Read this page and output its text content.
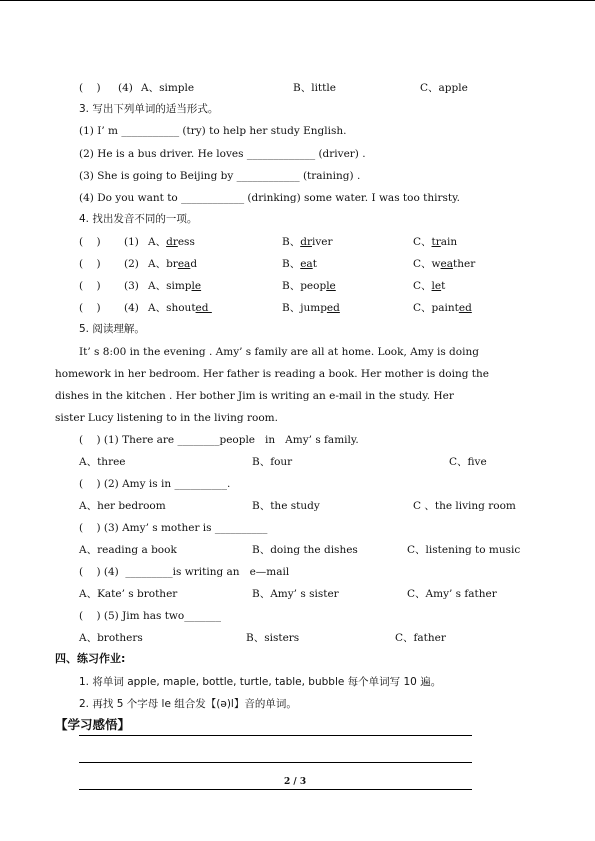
(    ) (4) A、simple	B、little	C、apple
3. 写出下列单词的适当形式。
(1) I’ m ___________ (try) to help her study English.
(2) He is a bus driver. He loves _____________ (driver) .
(3) She is going to Beijing by ____________ (training) .
(4) Do you want to ____________ (drinking) some water. I was too thirsty.
4. 找出发音不同的一项。
(    ) (1) A、dress	B、driver	C、train
(    ) (2) A、bread	B、eat	C、weather
(    ) (3) A、simple	B、people	C、let
(    ) (4) A、shouted	B、jumped	C、painted
5. 阅读理解。
It’ s 8:00 in the evening . Amy’ s family are all at home. Look, Amy is doing
homework in her bedroom. Her father is reading a book. Her mother is doing the
dishes in the kitchen . Her bother Jim is writing an e-mail in the study. Her
sister Lucy listening to in the living room.
(    ) (1) There are ________people   in   Amy’ s family.
A、three	B、four	C、five
(    ) (2) Amy is in __________.
A、her bedroom	B、the study	C 、the living room
(    ) (3) Amy’ s mother is __________
A、reading a book	B、doing the dishes	C、listening to music
(    ) (4)  _________is writing an   e—mail
A、Kate’ s brother	B、Amy’ s sister	C、Amy’ s father
(    ) (5) Jim has two_______
A、brothers	B、sisters	C、father
四、练习作业:
1. 将单词 apple, maple, bottle, turtle, table, bubble 每个单词写 10 遍。
2. 再找 5 个字母 le 组合发【(ə)l】音的单词。
【学习感悟】
2 / 3
